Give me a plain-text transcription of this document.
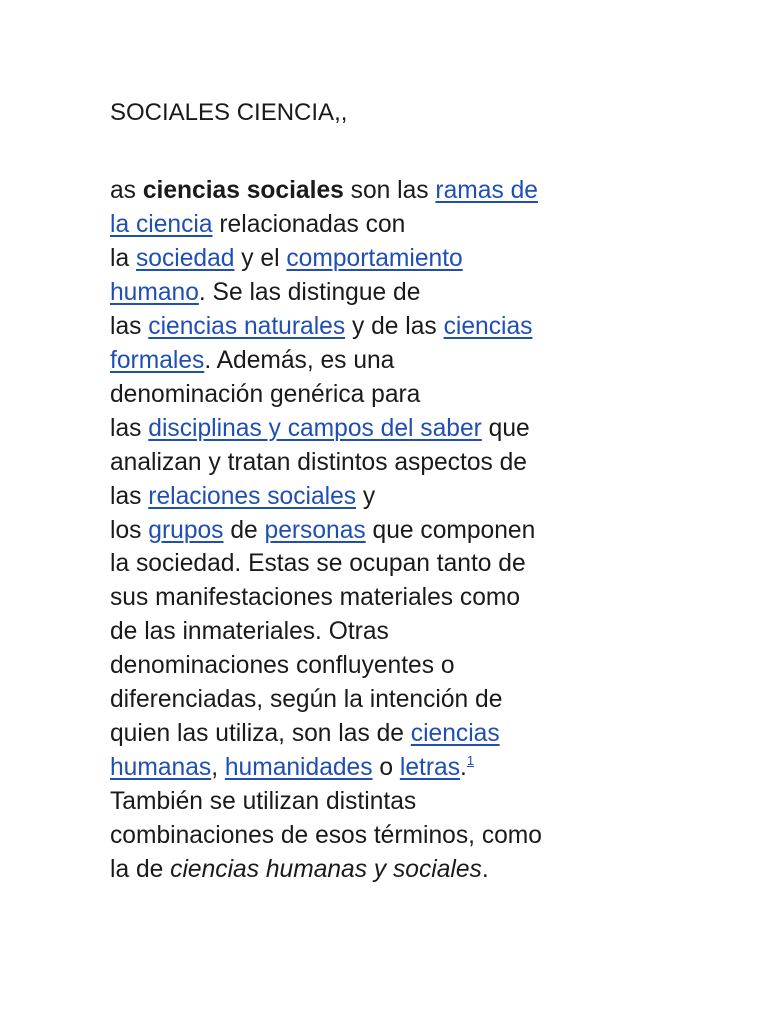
SOCIALES CIENCIA,,

as ciencias sociales son las ramas de
la ciencia relacionadas con
la sociedad y el comportamiento
humano. Se las distingue de
las ciencias naturales y de las ciencias
formales. Además, es una
denominación genérica para
las disciplinas y campos del saber que
analizan y tratan distintos aspectos de
las relaciones sociales y
los grupos de personas que componen
la sociedad. Estas se ocupan tanto de
sus manifestaciones materiales como
de las inmateriales. Otras
denominaciones confluyentes o
diferenciadas, según la intención de
quien las utiliza, son las de ciencias
humanas, humanidades o letras.$^1$
También se utilizan distintas
combinaciones de esos términos, como
la de ciencias humanas y sociales.
